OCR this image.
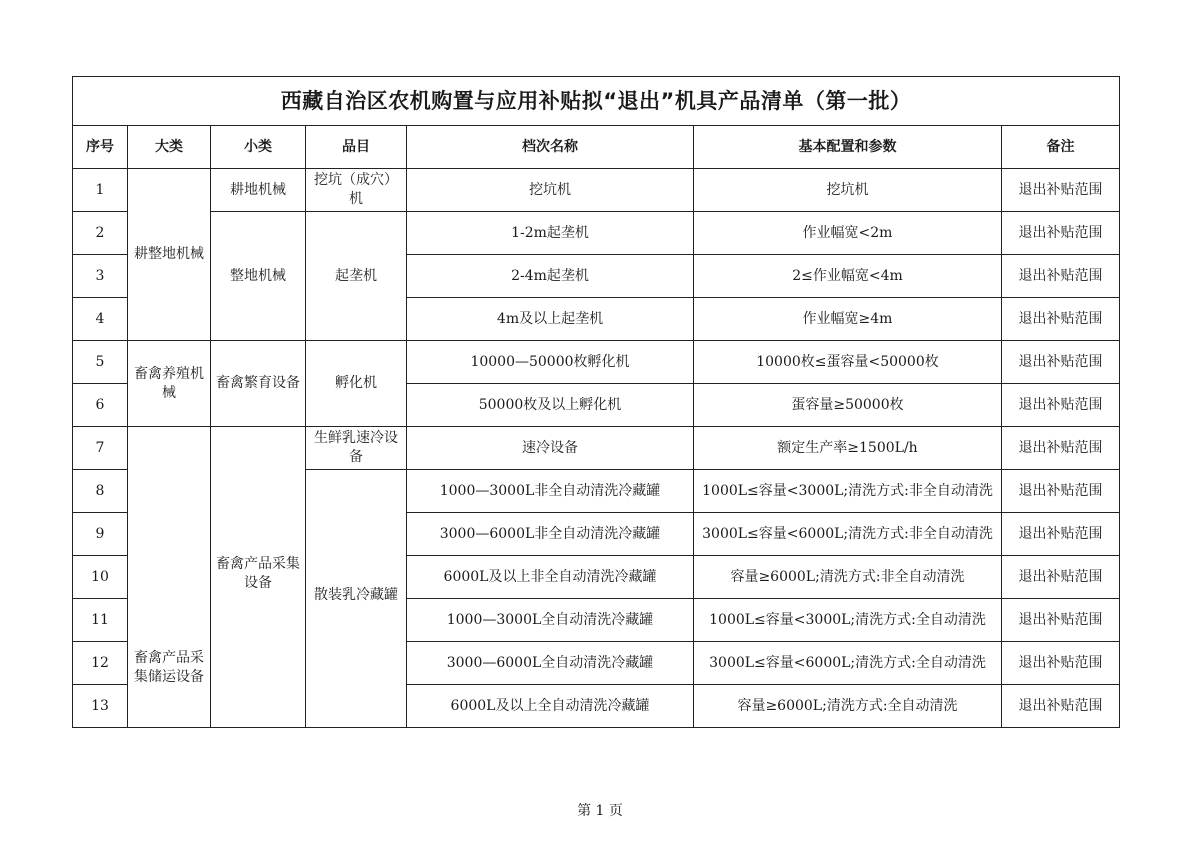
西藏自治区农机购置与应用补贴拟“退出”机具产品清单（第一批）						
序号	大类	小类	品目	档次名称	基本配置和参数	备注
1	耕整地机械	耕地机械	挖坑（成穴）机	挖坑机	挖坑机	退出补贴范围
2		整地机械	起垄机	1-2m起垄机	作业幅宽<2m	退出补贴范围
3				2-4m起垄机	2≤作业幅宽<4m	退出补贴范围
4				4m及以上起垄机	作业幅宽≥4m	退出补贴范围
5	畜禽养殖机械	畜禽繁育设备	孵化机	10000—50000枚孵化机	10000枚≤蛋容量<50000枚	退出补贴范围
6				50000枚及以上孵化机	蛋容量≥50000枚	退出补贴范围
7	畜禽产品采集储运设备	畜禽产品采集设备	生鲜乳速冷设备	速冷设备	额定生产率≥1500L/h	退出补贴范围
8			散装乳冷藏罐	1000—3000L非全自动清洗冷藏罐	1000L≤容量<3000L;清洗方式:非全自动清洗	退出补贴范围
9				3000—6000L非全自动清洗冷藏罐	3000L≤容量<6000L;清洗方式:非全自动清洗	退出补贴范围
10				6000L及以上非全自动清洗冷藏罐	容量≥6000L;清洗方式:非全自动清洗	退出补贴范围
11				1000—3000L全自动清洗冷藏罐	1000L≤容量<3000L;清洗方式:全自动清洗	退出补贴范围
12				3000—6000L全自动清洗冷藏罐	3000L≤容量<6000L;清洗方式:全自动清洗	退出补贴范围
13				6000L及以上全自动清洗冷藏罐	容量≥6000L;清洗方式:全自动清洗	退出补贴范围
第 1 页
